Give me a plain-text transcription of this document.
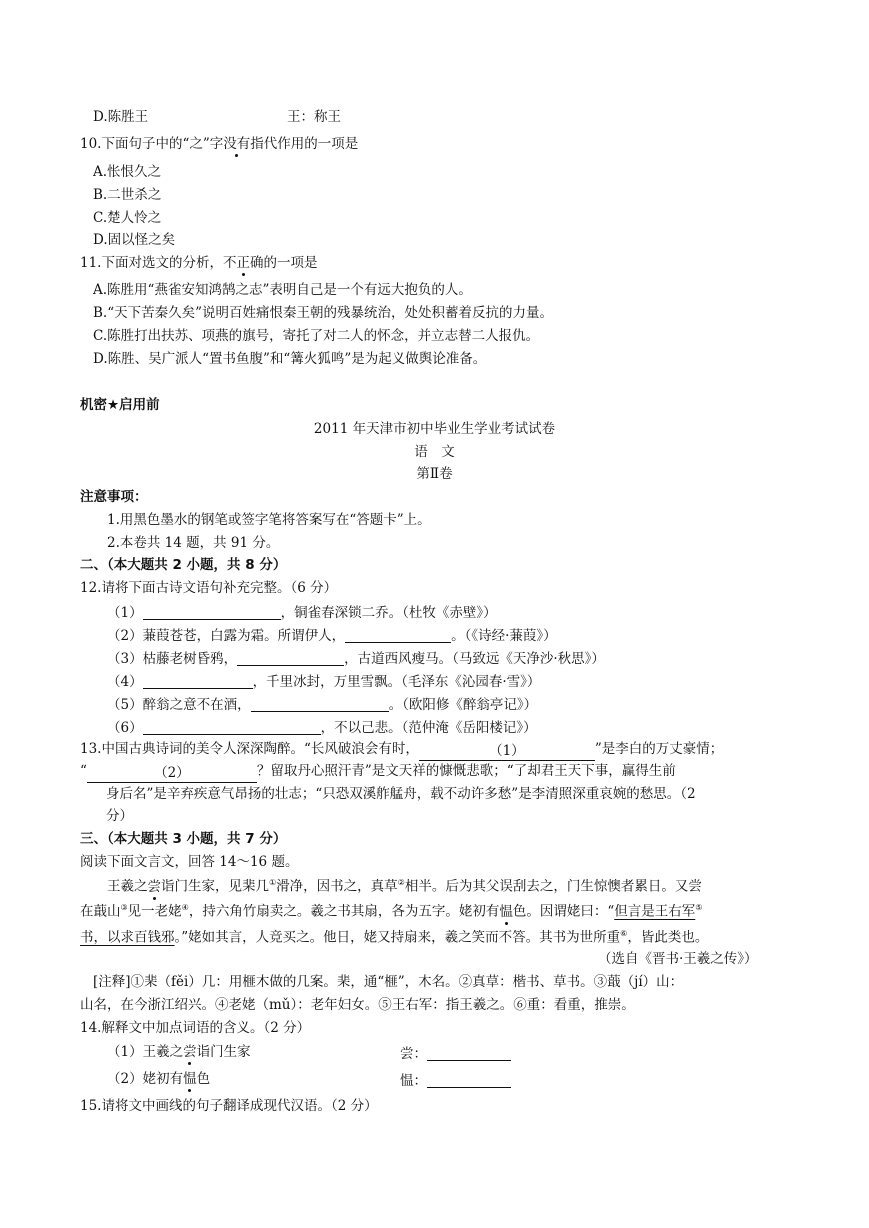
D.陈胜王	王：称王
10.下面句子中的“之”字没有指代作用的一项是
A.怅恨久之
B.二世杀之
C.楚人怜之
D.固以怪之矣
11.下面对选文的分析，不正确的一项是
A.陈胜用“燕雀安知鸿鹄之志”表明自己是一个有远大抱负的人。
B.“天下苦秦久矣”说明百姓痛恨秦王朝的残暴统治，处处积蓄着反抗的力量。
C.陈胜打出扶苏、项燕的旗号，寄托了对二人的怀念，并立志替二人报仇。
D.陈胜、吴广派人“置书鱼腹”和“篝火狐鸣”是为起义做舆论准备。
机密★启用前
2011 年天津市初中毕业生学业考试试卷
语　文
第Ⅱ卷
注意事项：
1.用黑色墨水的钢笔或签字笔将答案写在“答题卡”上。
2.本卷共 14 题，共 91 分。
二、（本大题共 2 小题，共 8 分）
12.请将下面古诗文语句补充完整。（6 分）
（1）	，铜雀春深锁二乔。（杜牧《赤壁》）
（2）蒹葭苍苍，白露为霜。所谓伊人，	。（《诗经·蒹葭》）
（3）枯藤老树昏鸦，	，古道西风瘦马。（马致远《天净沙·秋思》）
（4）	，千里冰封，万里雪飘。（毛泽东《沁园春·雪》）
（5）醉翁之意不在酒，	。（欧阳修《醉翁亭记》）
（6）	，不以己悲。（范仲淹《岳阳楼记》）
13.中国古典诗词的美令人深深陶醉。“长风破浪会有时，	（1）	”是李白的万丈豪情；
“	（2）	？留取丹心照汗青”是文天祥的慷慨悲歌；“了却君王天下事，赢得生前
身后名”是辛弃疾意气昂扬的壮志；“只恐双溪舴艋舟，载不动许多愁”是李清照深重哀婉的愁思。（2
分）
三、（本大题共 3 小题，共 7 分）
阅读下面文言文，回答 14～16 题。
王羲之尝诣门生家，见棐几①滑净，因书之，真草②相半。后为其父误刮去之，门生惊懊者累日。又尝
在蕺山③见一老姥④，持六角竹扇卖之。羲之书其扇，各为五字。姥初有愠色。因谓姥曰：“但言是王右军⑤
书，以求百钱邪。”姥如其言，人竞买之。他日，姥又持扇来，羲之笑而不答。其书为世所重⑥，皆此类也。
（选自《晋书·王羲之传》）
[注释]①棐（fěi）几：用榧木做的几案。棐，通“榧”，木名。②真草：楷书、草书。③蕺（jí）山：
山名，在今浙江绍兴。④老姥（mǔ）：老年妇女。⑤王右军：指王羲之。⑥重：看重，推崇。
14.解释文中加点词语的含义。（2 分）
（1）王羲之尝诣门生家	尝：
（2）姥初有愠色	愠：
15.请将文中画线的句子翻译成现代汉语。（2 分）
